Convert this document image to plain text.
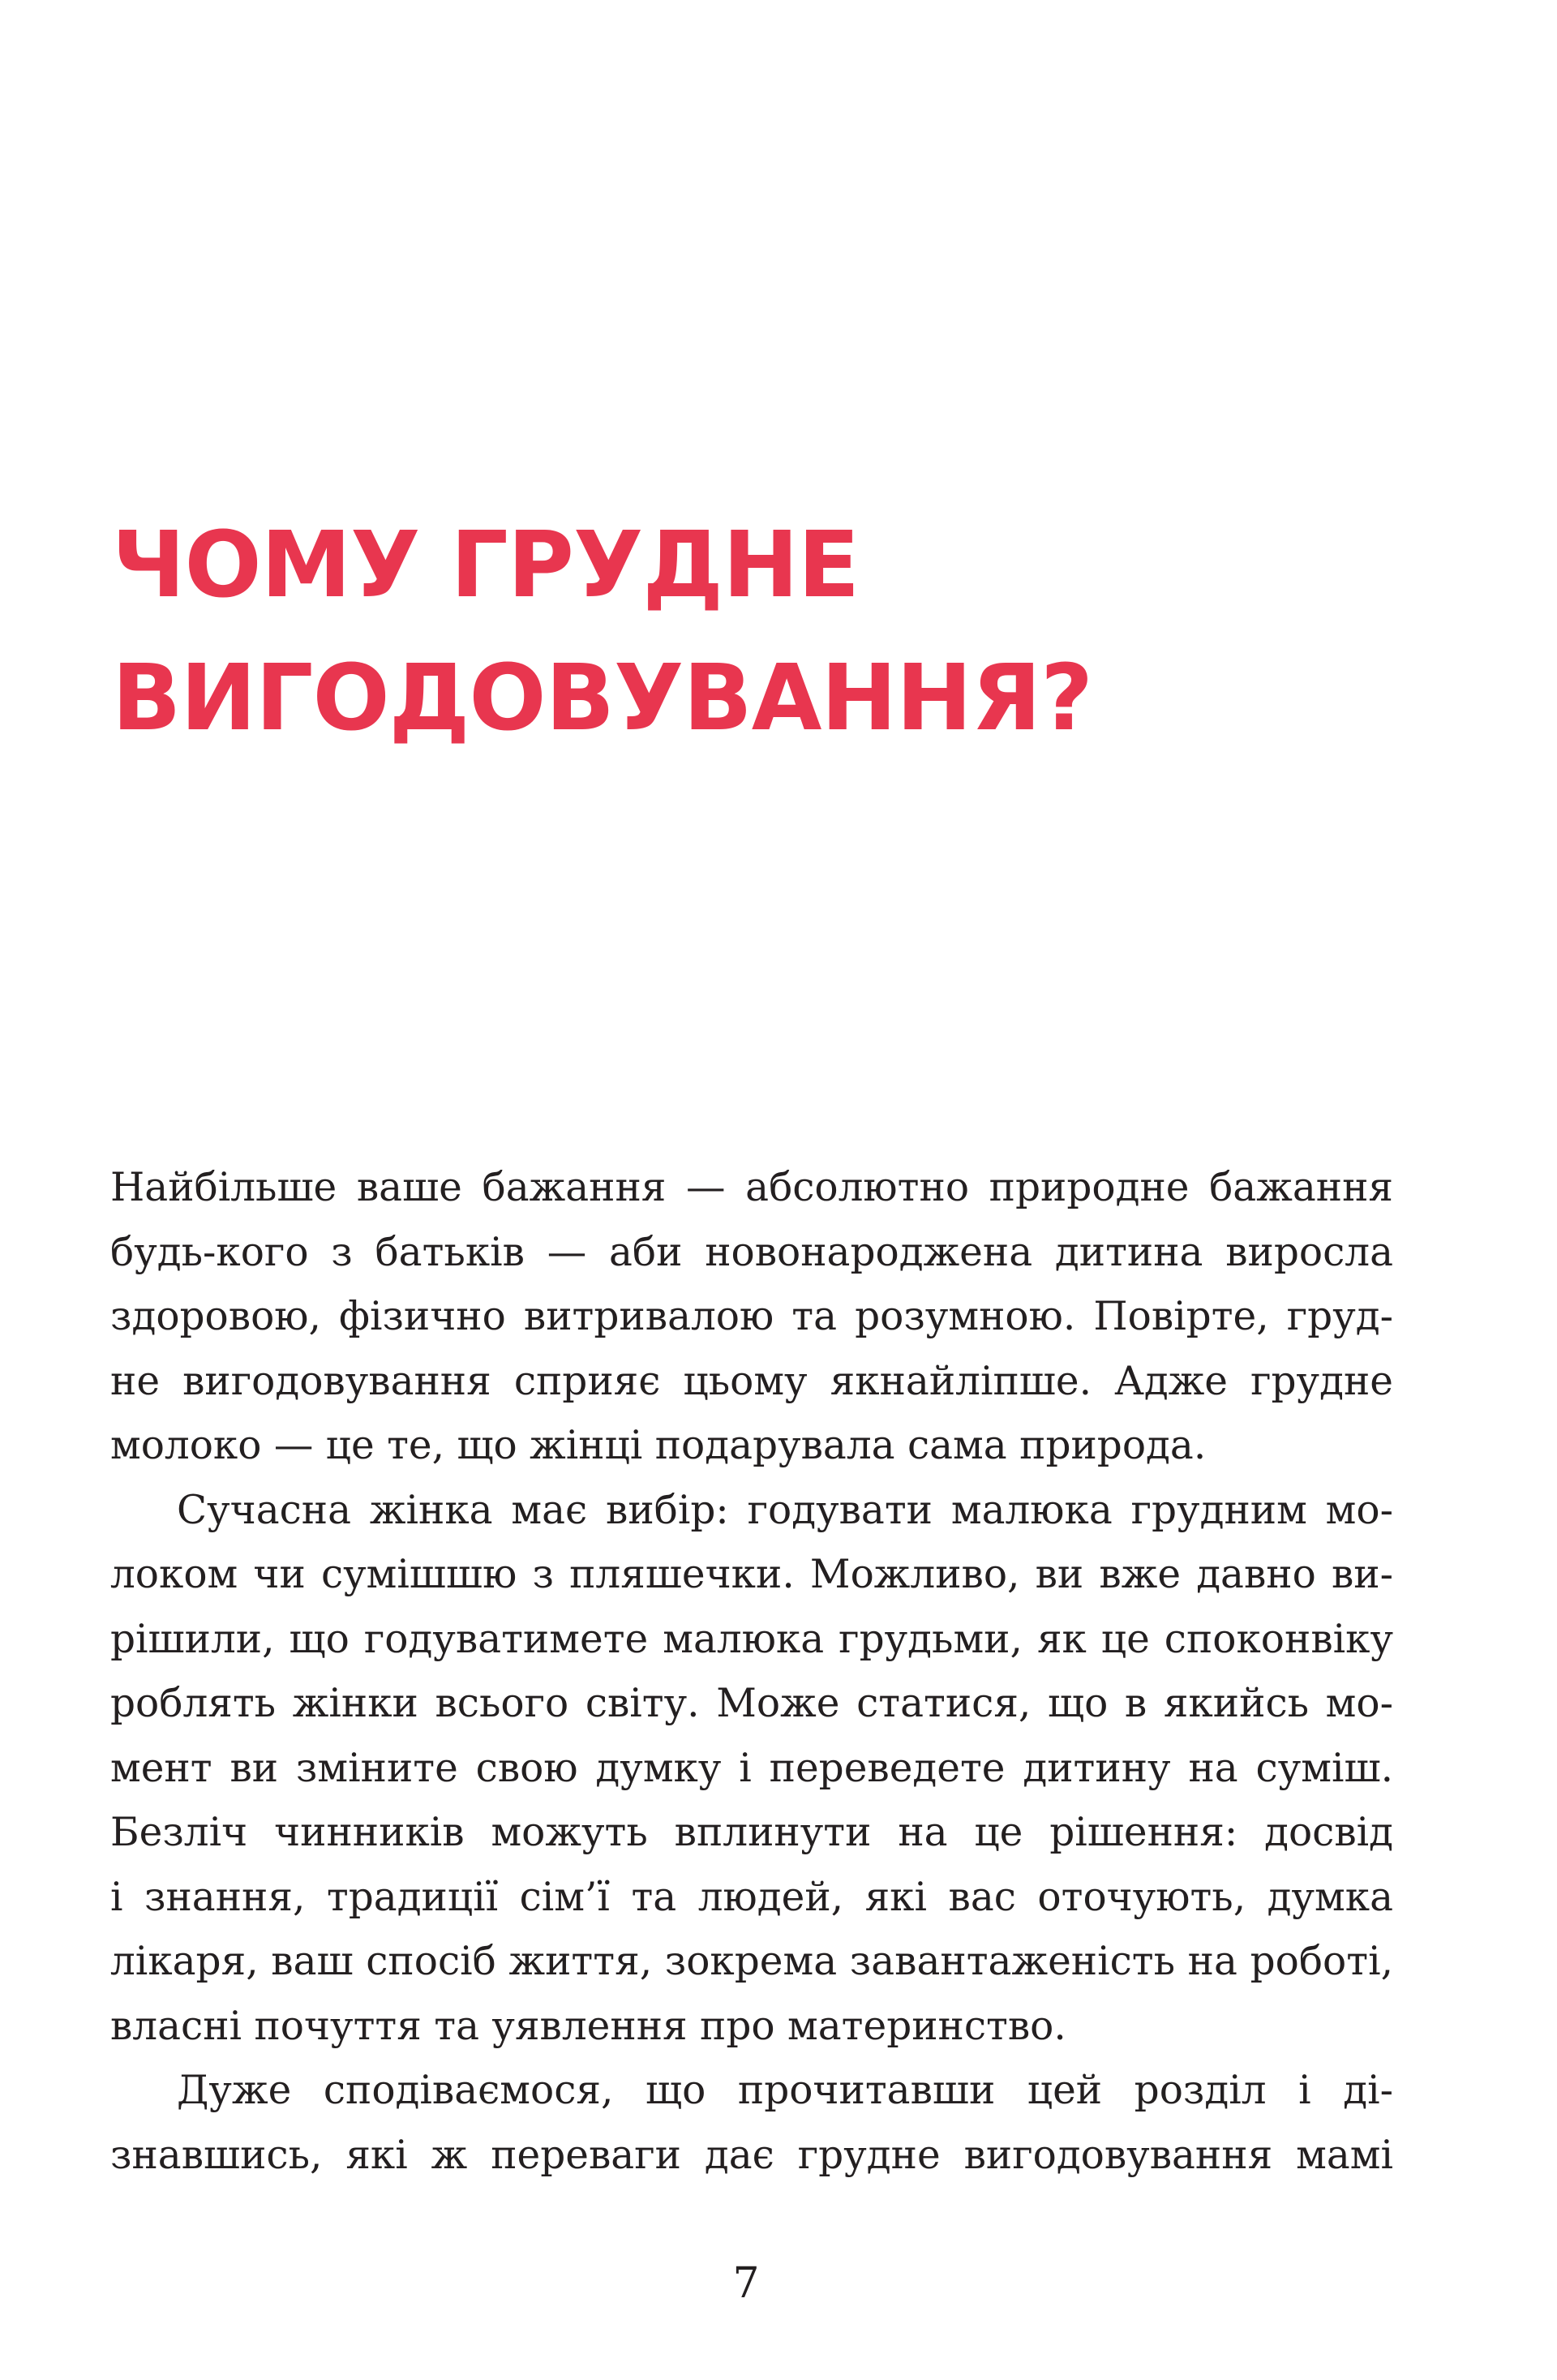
ЧОМУ ГРУДНЕ
ВИГОДОВУВАННЯ?
Найбільше ваше бажання — абсолютно природне бажання
будь-кого з батьків — аби новонароджена дитина виросла
здоровою, фізично витривалою та розумною. Повірте, груд-
не вигодовування сприяє цьому якнайліпше. Адже грудне
молоко — це те, що жінці подарувала сама природа.
Сучасна жінка має вибір: годувати малюка грудним мо-
локом чи сумішшю з пляшечки. Можливо, ви вже давно ви-
рішили, що годуватимете малюка грудьми, як це споконвіку
роблять жінки всього світу. Може статися, що в якийсь мо-
мент ви зміните свою думку і переведете дитину на суміш.
Безліч чинників можуть вплинути на це рішення: досвід
і знання, традиції сім’ї та людей, які вас оточують, думка
лікаря, ваш спосіб життя, зокрема завантаженість на роботі,
власні почуття та уявлення про материнство.
Дуже сподіваємося, що прочитавши цей розділ і ді-
знавшись, які ж переваги дає грудне вигодовування мамі
7
